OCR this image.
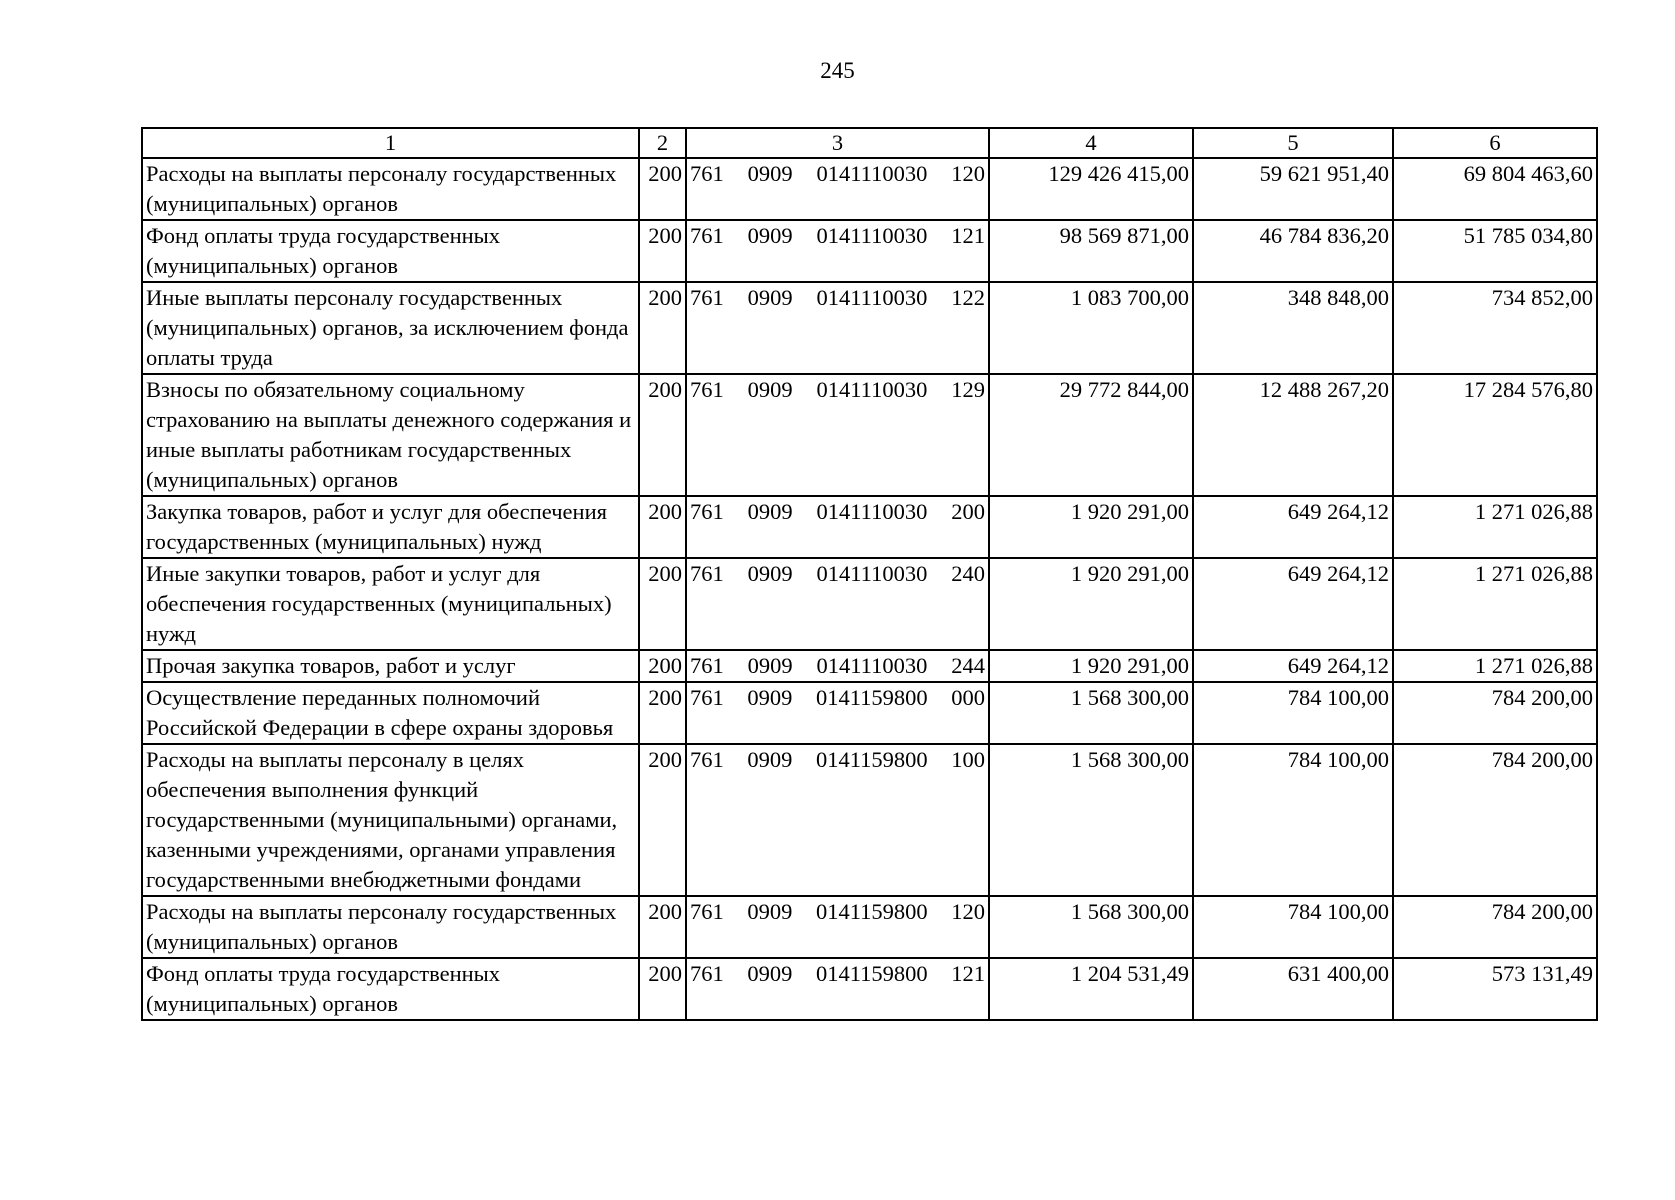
245
1	2	3	4	5	6
Расходы на выплаты персоналу государственных (муниципальных) органов	200	761 0909 0141110030 120	129 426 415,00	59 621 951,40	69 804 463,60
Фонд оплаты труда государственных (муниципальных) органов	200	761 0909 0141110030 121	98 569 871,00	46 784 836,20	51 785 034,80
Иные выплаты персоналу государственных (муниципальных) органов, за исключением фонда оплаты труда	200	761 0909 0141110030 122	1 083 700,00	348 848,00	734 852,00
Взносы по обязательному социальному страхованию на выплаты денежного содержания и иные выплаты работникам государственных (муниципальных) органов	200	761 0909 0141110030 129	29 772 844,00	12 488 267,20	17 284 576,80
Закупка товаров, работ и услуг для обеспечения государственных (муниципальных) нужд	200	761 0909 0141110030 200	1 920 291,00	649 264,12	1 271 026,88
Иные закупки товаров, работ и услуг для обеспечения государственных (муниципальных) нужд	200	761 0909 0141110030 240	1 920 291,00	649 264,12	1 271 026,88
Прочая закупка товаров, работ и услуг	200	761 0909 0141110030 244	1 920 291,00	649 264,12	1 271 026,88
Осуществление переданных полномочий Российской Федерации в сфере охраны здоровья	200	761 0909 0141159800 000	1 568 300,00	784 100,00	784 200,00
Расходы на выплаты персоналу в целях обеспечения выполнения функций государственными (муниципальными) органами, казенными учреждениями, органами управления государственными внебюджетными фондами	200	761 0909 0141159800 100	1 568 300,00	784 100,00	784 200,00
Расходы на выплаты персоналу государственных (муниципальных) органов	200	761 0909 0141159800 120	1 568 300,00	784 100,00	784 200,00
Фонд оплаты труда государственных (муниципальных) органов	200	761 0909 0141159800 121	1 204 531,49	631 400,00	573 131,49
